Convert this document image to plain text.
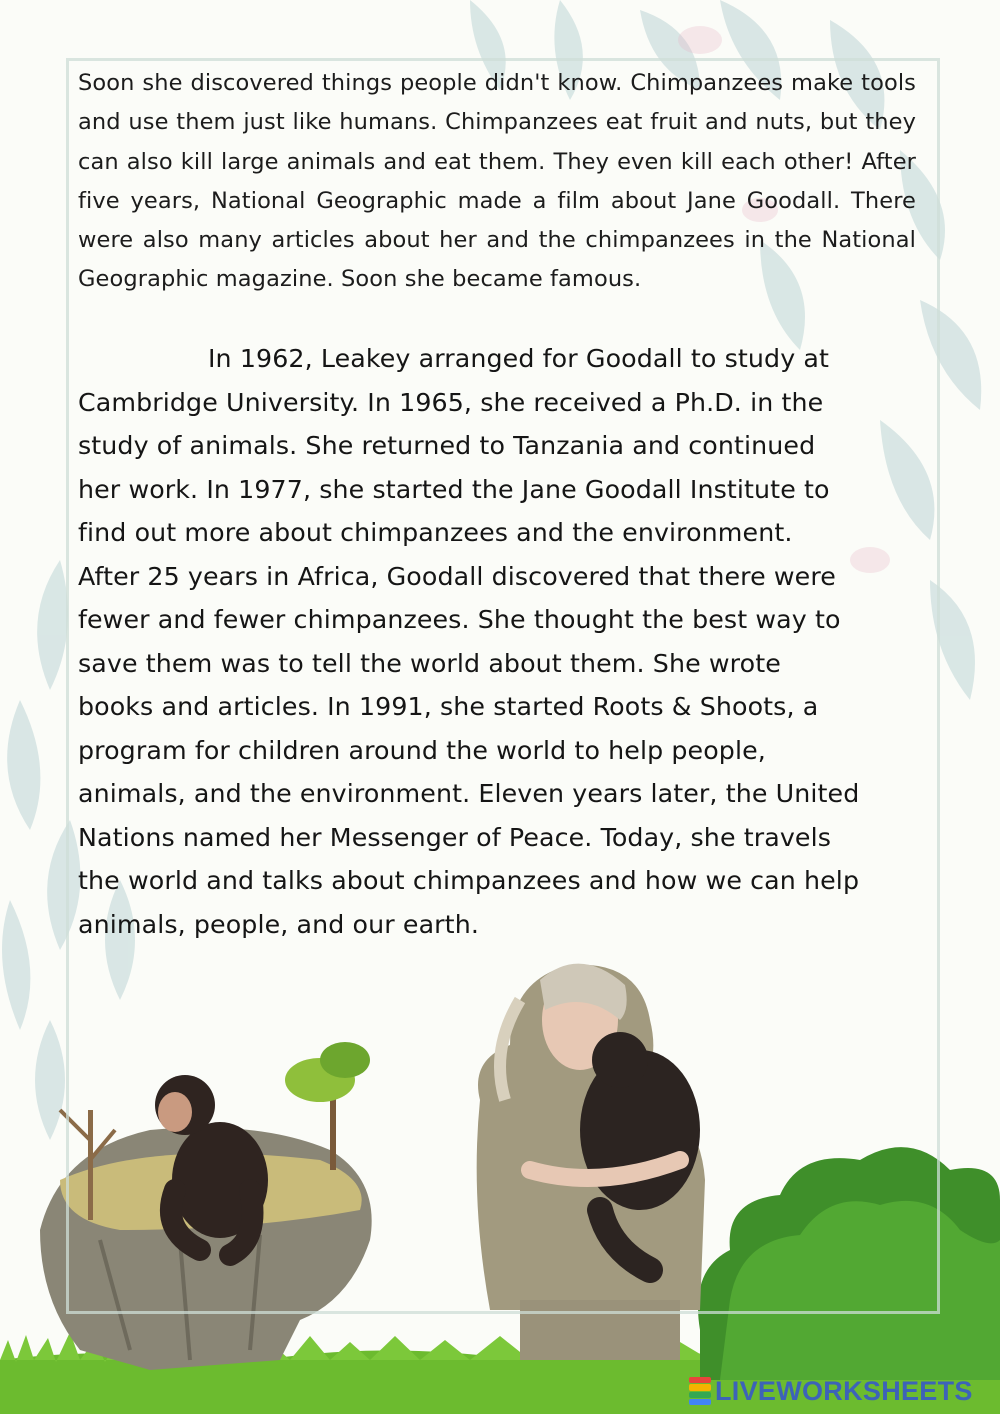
Soon she discovered things people didn't know. Chimpanzees make tools and use them just like humans. Chimpanzees eat fruit and nuts, but they can also kill large animals and eat them. They even kill each other! After five years, National Geographic made a film about Jane Goodall. There were also many articles about her and the chimpanzees in the National Geographic magazine. Soon she became famous.

In 1962, Leakey arranged for Goodall to study at
Cambridge University. In 1965, she received a Ph.D. in the
study of animals. She returned to Tanzania and continued
her work. In 1977, she started the Jane Goodall Institute to
find out more about chimpanzees and the environment.
After 25 years in Africa, Goodall discovered that there were
fewer and fewer chimpanzees. She thought the best way to
save them was to tell the world about them. She wrote
books and articles. In 1991, she started Roots & Shoots, a
program for children around the world to help people,
animals, and the environment. Eleven years later, the United
Nations named her Messenger of Peace. Today, she travels
the world and talks about chimpanzees and how we can help
animals, people, and our earth.
LIVEWORKSHEETS
